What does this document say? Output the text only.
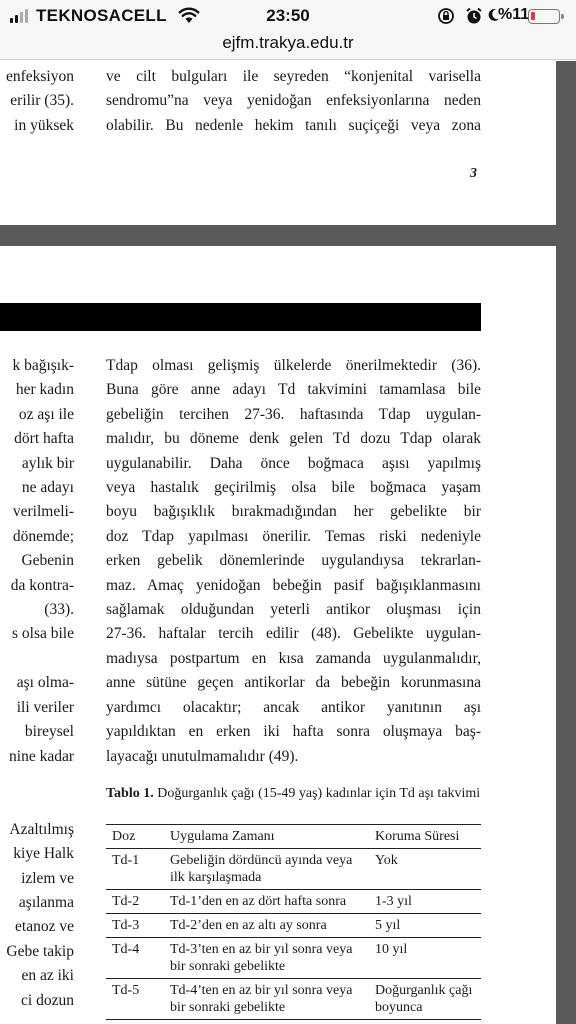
TEKNOSACELL	23:50	%11
ejfm.trakya.edu.tr
enfeksiyon
erilir (35).
in yüksek
ve cilt bulguları ile seyreden “konjenital varisella
sendromu”na veya yenidoğan enfeksiyonlarına neden
olabilir. Bu nedenle hekim tanılı suçiçeği veya zona
3
k bağışık-
her kadın
oz aşı ile
dört hafta
aylık bir
ne adayı
verilmeli-
dönemde;
Gebenin
da kontra-
(33).
s olsa bile

aşı olma-
ili veriler
bireysel
nine kadar

Azaltılmış
kiye Halk
izlem ve
aşılanma
etanoz ve
Gebe takip
en az iki
ci dozun
Tdap olması gelişmiş ülkelerde önerilmektedir (36).
Buna göre anne adayı Td takvimini tamamlasa bile
gebeliğin tercihen 27-36. haftasında Tdap uygulan-
malıdır, bu döneme denk gelen Td dozu Tdap olarak
uygulanabilir. Daha önce boğmaca aşısı yapılmış
veya hastalık geçirilmiş olsa bile boğmaca yaşam
boyu bağışıklık bırakmadığından her gebelikte bir
doz Tdap yapılması önerilir. Temas riski nedeniyle
erken gebelik dönemlerinde uygulandıysa tekrarlan-
maz. Amaç yenidoğan bebeğin pasif bağışıklanmasını
sağlamak olduğundan yeterli antikor oluşması için
27-36. haftalar tercih edilir (48). Gebelikte uygulan-
madıysa postpartum en kısa zamanda uygulanmalıdır,
anne sütüne geçen antikorlar da bebeğin korunmasına
yardımcı olacaktır; ancak antikor yanıtının aşı
yapıldıktan en erken iki hafta sonra oluşmaya baş-
layacağı unutulmamalıdır (49).
Tablo 1. Doğurganlık çağı (15-49 yaş) kadınlar için Td aşı takvimi
Doz	Uygulama Zamanı	Koruma Süresi
Td-1	Gebeliğin dördüncü ayında veya ilk karşılaşmada	Yok
Td-2	Td-1’den en az dört hafta sonra	1-3 yıl
Td-3	Td-2’den en az altı ay sonra	5 yıl
Td-4	Td-3’ten en az bir yıl sonra veya bir sonraki gebelikte	10 yıl
Td-5	Td-4’ten en az bir yıl sonra veya bir sonraki gebelikte	Doğurganlık çağı boyunca
